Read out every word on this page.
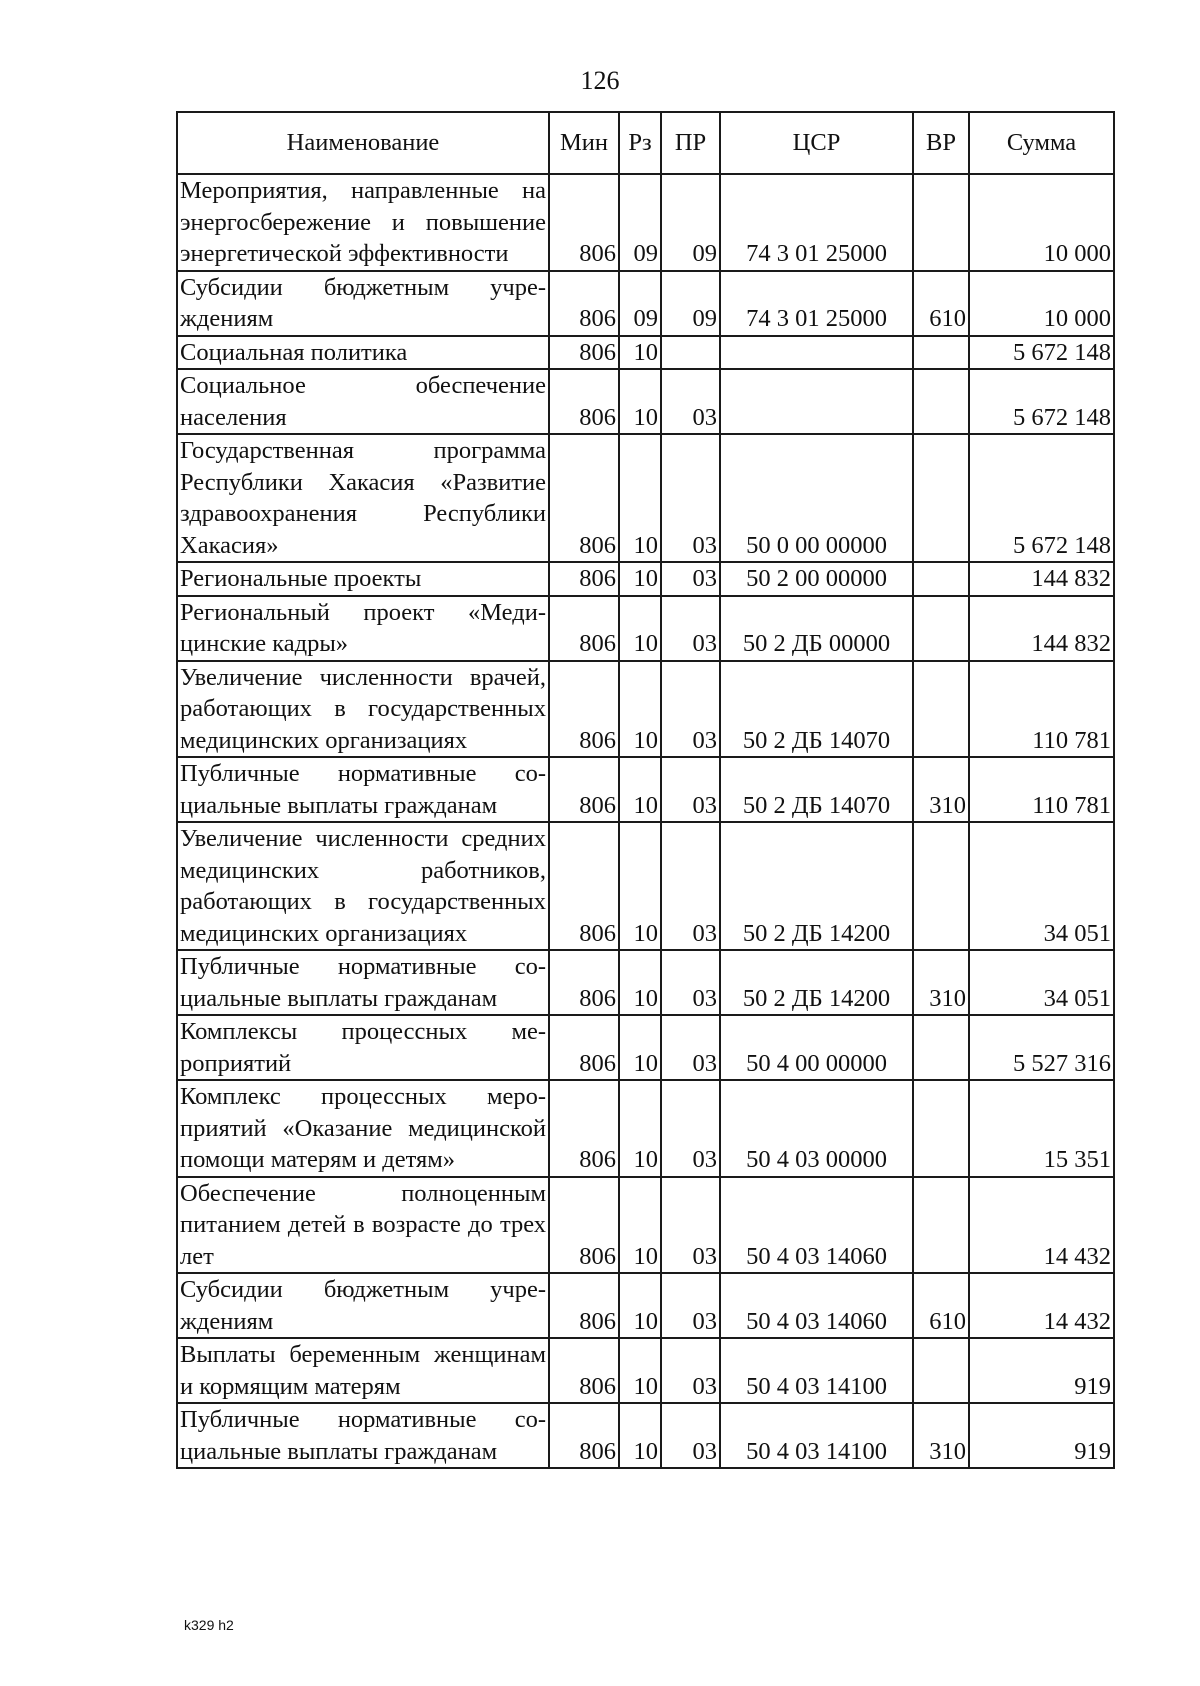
126
Наименование	Мин	Рз	ПР	ЦСР	ВР	Сумма
Мероприятия, направленные на энергосбережение и повышение энергетической эффективности	806	09	09	74 3 01 25000		10 000
Субсидии бюджетным учреждениям	806	09	09	74 3 01 25000	610	10 000
Социальная политика	806	10				5 672 148
Социальное обеспечение населения	806	10	03			5 672 148
Государственная программа Республики Хакасия «Развитие здравоохранения Республики Хакасия»	806	10	03	50 0 00 00000		5 672 148
Региональные проекты	806	10	03	50 2 00 00000		144 832
Региональный проект «Медицинские кадры»	806	10	03	50 2 ДБ 00000		144 832
Увеличение численности врачей, работающих в государственных медицинских организациях	806	10	03	50 2 ДБ 14070		110 781
Публичные нормативные социальные выплаты гражданам	806	10	03	50 2 ДБ 14070	310	110 781
Увеличение численности средних медицинских работников, работающих в государственных медицинских организациях	806	10	03	50 2 ДБ 14200		34 051
Публичные нормативные социальные выплаты гражданам	806	10	03	50 2 ДБ 14200	310	34 051
Комплексы процессных мероприятий	806	10	03	50 4 00 00000		5 527 316
Комплекс процессных мероприятий «Оказание медицинской помощи матерям и детям»	806	10	03	50 4 03 00000		15 351
Обеспечение полноценным питанием детей в возрасте до трех лет	806	10	03	50 4 03 14060		14 432
Субсидии бюджетным учреждениям	806	10	03	50 4 03 14060	610	14 432
Выплаты беременным женщинам и кормящим матерям	806	10	03	50 4 03 14100		919
Публичные нормативные социальные выплаты гражданам	806	10	03	50 4 03 14100	310	919
k329 h2
